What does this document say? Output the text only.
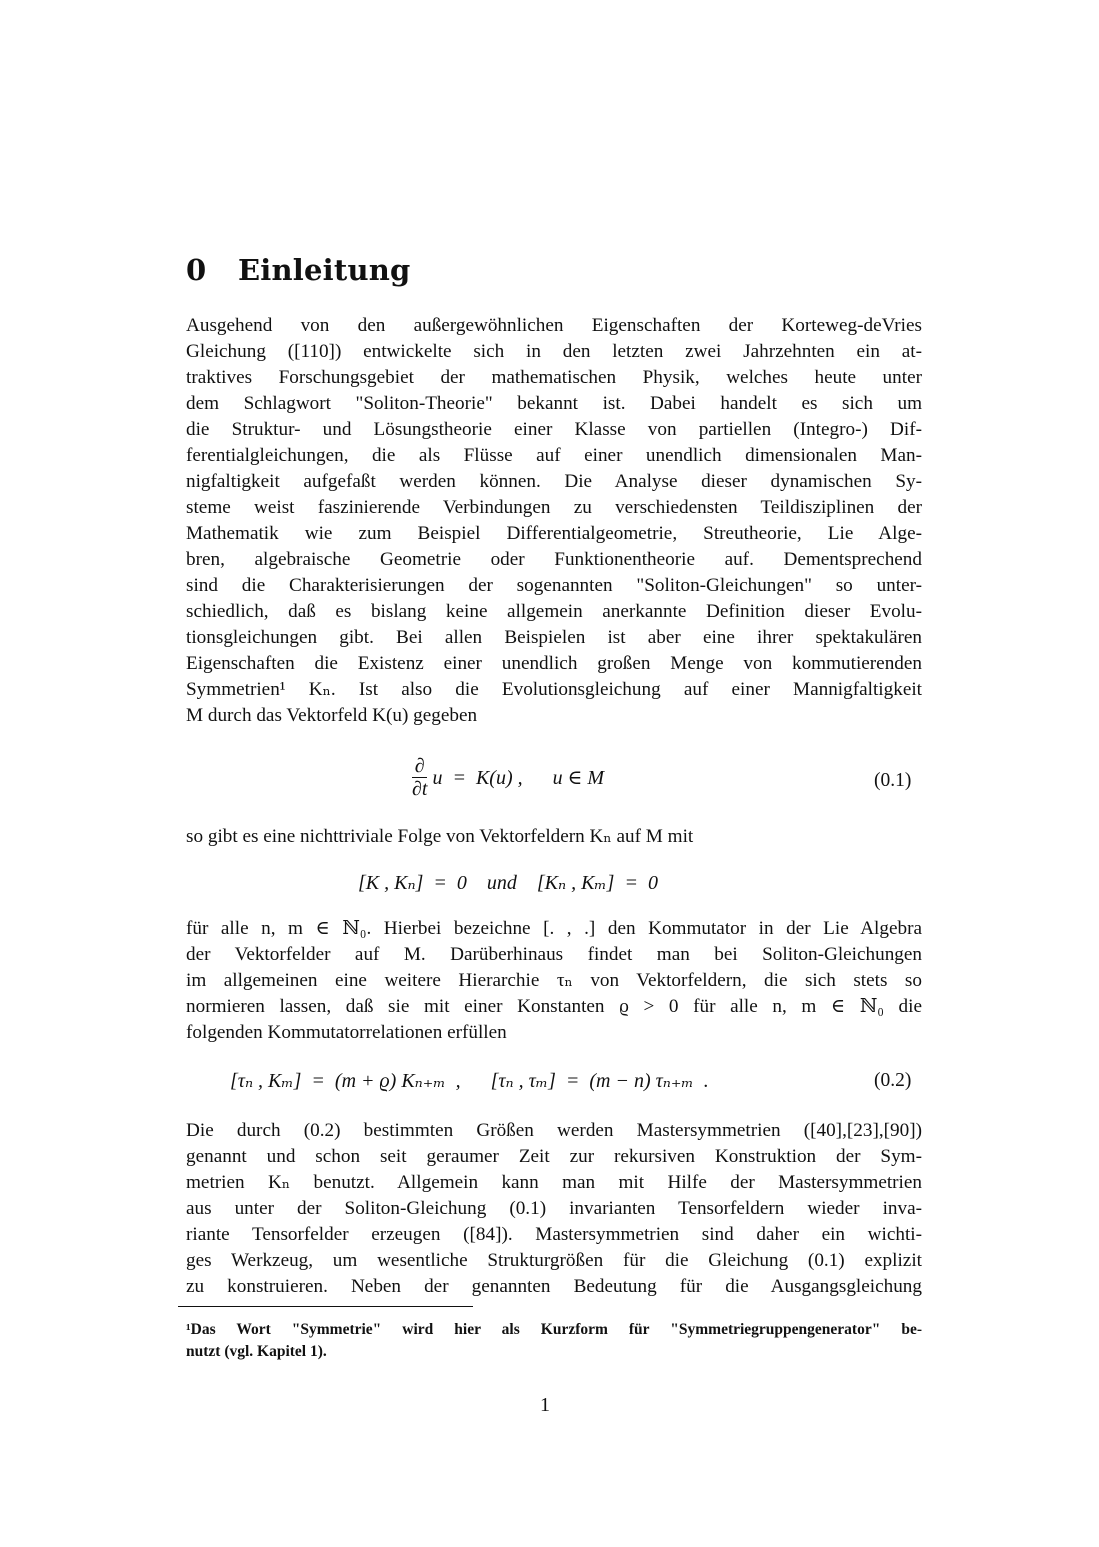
0 Einleitung
Ausgehend von den außergewöhnlichen Eigenschaften der Korteweg-deVries
Gleichung ([110]) entwickelte sich in den letzten zwei Jahrzehnten ein at-
traktives Forschungsgebiet der mathematischen Physik, welches heute unter
dem Schlagwort "Soliton-Theorie" bekannt ist. Dabei handelt es sich um
die Struktur- und Lösungstheorie einer Klasse von partiellen (Integro-) Dif-
ferentialgleichungen, die als Flüsse auf einer unendlich dimensionalen Man-
nigfaltigkeit aufgefaßt werden können. Die Analyse dieser dynamischen Sy-
steme weist faszinierende Verbindungen zu verschiedensten Teildisziplinen der
Mathematik wie zum Beispiel Differentialgeometrie, Streutheorie, Lie Alge-
bren, algebraische Geometrie oder Funktionentheorie auf. Dementsprechend
sind die Charakterisierungen der sogenannten "Soliton-Gleichungen" so unter-
schiedlich, daß es bislang keine allgemein anerkannte Definition dieser Evolu-
tionsgleichungen gibt. Bei allen Beispielen ist aber eine ihrer spektakulären
Eigenschaften die Existenz einer unendlich großen Menge von kommutierenden
Symmetrien¹ Kₙ. Ist also die Evolutionsgleichung auf einer Mannigfaltigkeit
M durch das Vektorfeld K(u) gegeben
$\frac{\partial}{\partial t}$ u  =  K(u) ,      u ∈ M	(0.1)
so gibt es eine nichttriviale Folge von Vektorfeldern Kₙ auf M mit
[K , Kₙ]  =  0    und    [Kₙ , Kₘ]  =  0
für alle n, m ∈ ℕ₀. Hierbei bezeichne [. , .] den Kommutator in der Lie Algebra
der Vektorfelder auf M. Darüberhinaus findet man bei Soliton-Gleichungen
im allgemeinen eine weitere Hierarchie τₙ von Vektorfeldern, die sich stets so
normieren lassen, daß sie mit einer Konstanten ϱ > 0 für alle n, m ∈ ℕ₀ die
folgenden Kommutatorrelationen erfüllen
[τₙ , Kₘ]  =  (m + ϱ) Kₙ₊ₘ  ,      [τₙ , τₘ]  =  (m − n) τₙ₊ₘ  .	(0.2)
Die durch (0.2) bestimmten Größen werden Mastersymmetrien ([40],[23],[90])
genannt und schon seit geraumer Zeit zur rekursiven Konstruktion der Sym-
metrien Kₙ benutzt. Allgemein kann man mit Hilfe der Mastersymmetrien
aus unter der Soliton-Gleichung (0.1) invarianten Tensorfeldern wieder inva-
riante Tensorfelder erzeugen ([84]). Mastersymmetrien sind daher ein wichti-
ges Werkzeug, um wesentliche Strukturgrößen für die Gleichung (0.1) explizit
zu konstruieren. Neben der genannten Bedeutung für die Ausgangsgleichung
¹Das Wort "Symmetrie" wird hier als Kurzform für "Symmetriegruppengenerator" be-
nutzt (vgl. Kapitel 1).
1
